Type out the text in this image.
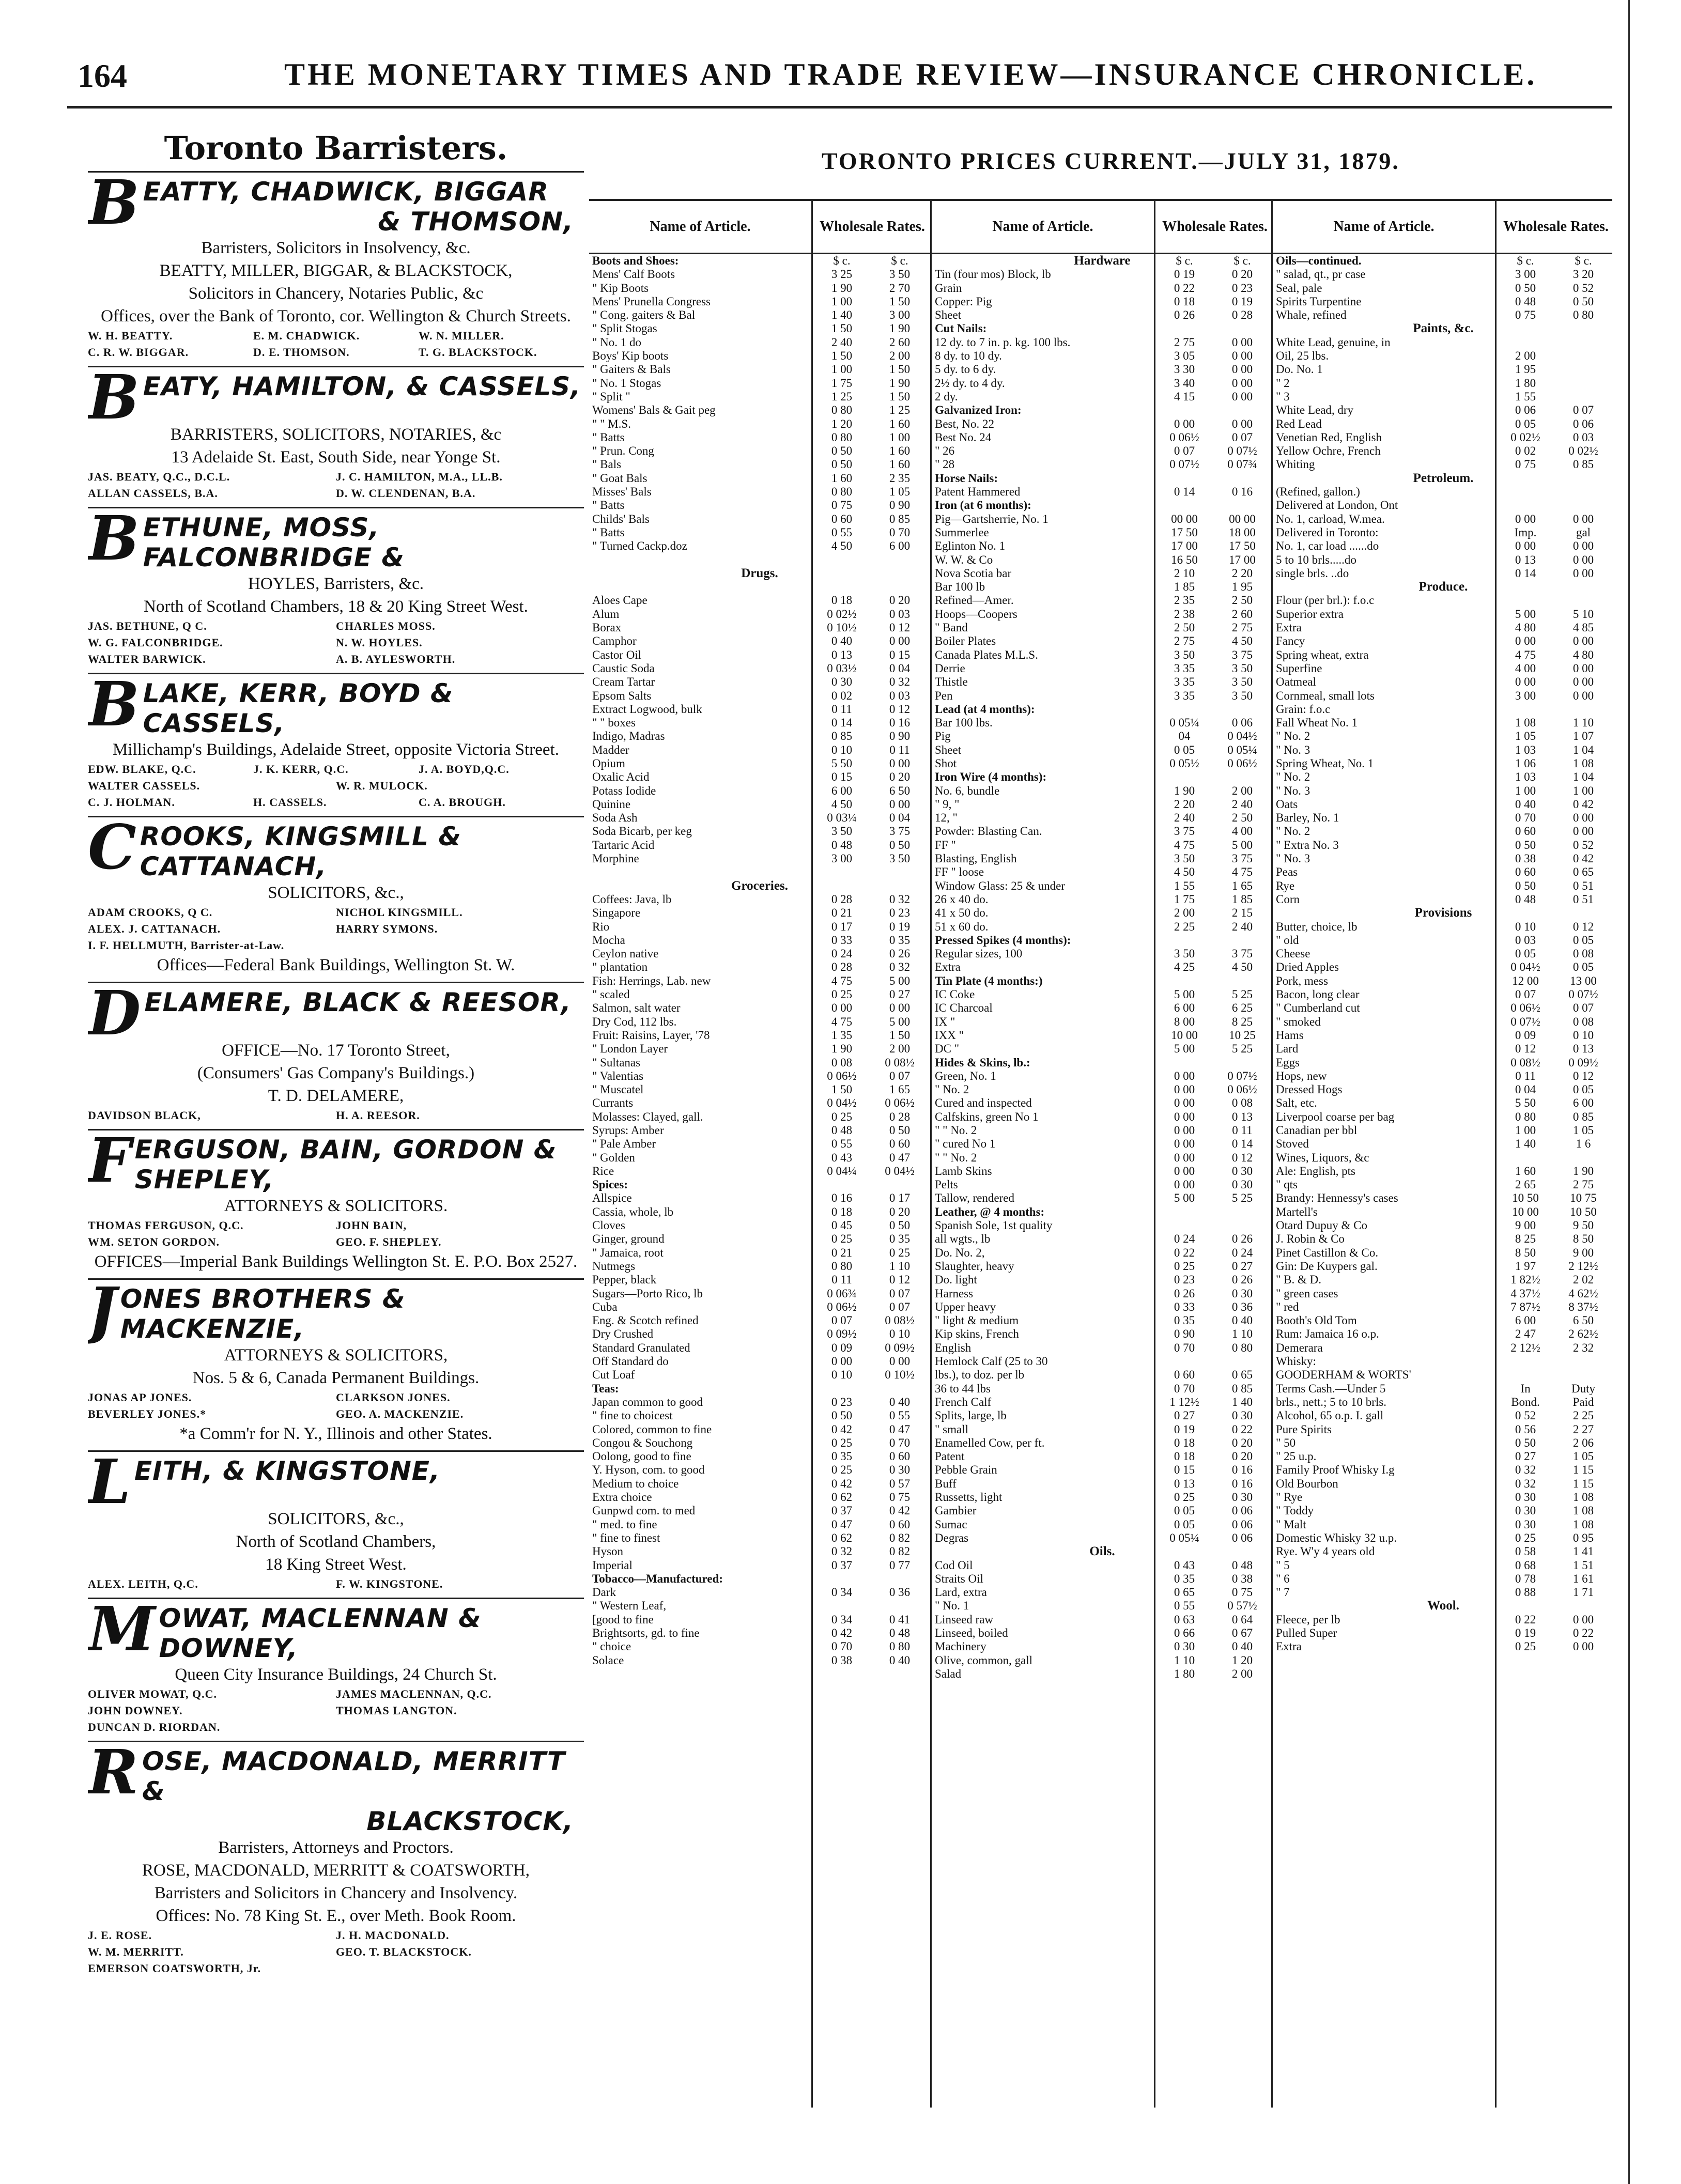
164	THE MONETARY TIMES AND TRADE REVIEW—INSURANCE CHRONICLE.
Toronto Barristers.
BEATTY, CHADWICK, BIGGAR
& THOMSON,
Barristers, Solicitors in Insolvency, &c.
BEATTY, MILLER, BIGGAR, & BLACKSTOCK,
Solicitors in Chancery, Notaries Public, &c
Offices, over the Bank of Toronto, cor. Wellington & Church Streets.
W. H. BEATTY.	E. M. CHADWICK.	W. N. MILLER.
C. R. W. BIGGAR.	D. E. THOMSON.	T. G. BLACKSTOCK.
BEATY, HAMILTON, & CASSELS,
BARRISTERS, SOLICITORS, NOTARIES, &c
13 Adelaide St. East, South Side, near Yonge St.
JAS. BEATY, Q.C., D.C.L.	J. C. HAMILTON, M.A., LL.B.
ALLAN CASSELS, B.A.	D. W. CLENDENAN, B.A.
BETHUNE, MOSS, FALCONBRIDGE &
HOYLES, Barristers, &c.
North of Scotland Chambers, 18 & 20 King Street West.
JAS. BETHUNE, Q C.	CHARLES MOSS.
W. G. FALCONBRIDGE.	N. W. HOYLES.
WALTER BARWICK.	A. B. AYLESWORTH.
BLAKE, KERR, BOYD & CASSELS,
Millichamp's Buildings, Adelaide Street, opposite Victoria Street.
EDW. BLAKE, Q.C.	J. K. KERR, Q.C.	J. A. BOYD,Q.C.
WALTER CASSELS.	W. R. MULOCK.
C. J. HOLMAN.	H. CASSELS.	C. A. BROUGH.
CROOKS, KINGSMILL & CATTANACH,
SOLICITORS, &c.,
ADAM CROOKS, Q C.	NICHOL KINGSMILL.
ALEX. J. CATTANACH.	HARRY SYMONS.
I. F. HELLMUTH, Barrister-at-Law.
Offices—Federal Bank Buildings, Wellington St. W.
DELAMERE, BLACK & REESOR,
OFFICE—No. 17 Toronto Street,
(Consumers' Gas Company's Buildings.)
T. D. DELAMERE,
DAVIDSON BLACK,	H. A. REESOR.
FERGUSON, BAIN, GORDON & SHEPLEY,
ATTORNEYS & SOLICITORS.
THOMAS FERGUSON, Q.C.	JOHN BAIN,
WM. SETON GORDON.	GEO. F. SHEPLEY.
OFFICES—Imperial Bank Buildings Wellington St. E. P.O. Box 2527.
JONES BROTHERS & MACKENZIE,
ATTORNEYS & SOLICITORS,
Nos. 5 & 6, Canada Permanent Buildings.
JONAS AP JONES.	CLARKSON JONES.
BEVERLEY JONES.*	GEO. A. MACKENZIE.
*a Comm'r for N. Y., Illinois and other States.
LEITH, & KINGSTONE,
SOLICITORS, &c.,
North of Scotland Chambers,
18 King Street West.
ALEX. LEITH, Q.C.	F. W. KINGSTONE.
MOWAT, MACLENNAN & DOWNEY,
Queen City Insurance Buildings, 24 Church St.
OLIVER MOWAT, Q.C.	JAMES MACLENNAN, Q.C.
JOHN DOWNEY.	THOMAS LANGTON.
DUNCAN D. RIORDAN.
ROSE, MACDONALD, MERRITT &
BLACKSTOCK,
Barristers, Attorneys and Proctors.
ROSE, MACDONALD, MERRITT & COATSWORTH,
Barristers and Solicitors in Chancery and Insolvency.
Offices: No. 78 King St. E., over Meth. Book Room.
J. E. ROSE.	J. H. MACDONALD.
W. M. MERRITT.	GEO. T. BLACKSTOCK.
EMERSON COATSWORTH, Jr.
TORONTO PRICES CURRENT.—JULY 31, 1879.
Name of Article.	Wholesale Rates.
Boots and Shoes:	$ c.	$ c.
Mens' Calf Boots	3 25	3 50
" Kip Boots	1 90	2 70
Mens' Prunella Congress	1 00	1 50
" Cong. gaiters & Bal	1 40	3 00
" Split Stogas	1 50	1 90
" No. 1 do	2 40	2 60
Boys' Kip boots	1 50	2 00
" Gaiters & Bals	1 00	1 50
" No. 1 Stogas	1 75	1 90
" Split "	1 25	1 50
Womens' Bals & Gait peg	0 80	1 25
" " M.S.	1 20	1 60
" Batts	0 80	1 00
" Prun. Cong	0 50	1 60
" Bals	0 50	1 60
" Goat Bals	1 60	2 35
Misses' Bals	0 80	1 05
" Batts	0 75	0 90
Childs' Bals	0 60	0 85
" Batts	0 55	0 70
" Turned Cackp.doz	4 50	6 00
Drugs.
Aloes Cape	0 18	0 20
Alum	0 02½	0 03
Borax	0 10½	0 12
Camphor	0 40	0 00
Castor Oil	0 13	0 15
Caustic Soda	0 03½	0 04
Cream Tartar	0 30	0 32
Epsom Salts	0 02	0 03
Extract Logwood, bulk	0 11	0 12
" " boxes	0 14	0 16
Indigo, Madras	0 85	0 90
Madder	0 10	0 11
Opium	5 50	0 00
Oxalic Acid	0 15	0 20
Potass Iodide	6 00	6 50
Quinine	4 50	0 00
Soda Ash	0 03¼	0 04
Soda Bicarb, per keg	3 50	3 75
Tartaric Acid	0 48	0 50
Morphine	3 00	3 50
Groceries.
Coffees: Java, lb	0 28	0 32
Singapore	0 21	0 23
Rio	0 17	0 19
Mocha	0 33	0 35
Ceylon native	0 24	0 26
" plantation	0 28	0 32
Fish: Herrings, Lab. new	4 75	5 00
" scaled	0 25	0 27
Salmon, salt water	0 00	0 00
Dry Cod, 112 lbs.	4 75	5 00
Fruit: Raisins, Layer, '78	1 35	1 50
" London Layer	1 90	2 00
" Sultanas	0 08	0 08½
" Valentias	0 06½	0 07
" Muscatel	1 50	1 65
Currants	0 04½	0 06½
Molasses: Clayed, gall.	0 25	0 28
Syrups: Amber	0 48	0 50
" Pale Amber	0 55	0 60
" Golden	0 43	0 47
Rice	0 04¼	0 04½
Spices:
Allspice	0 16	0 17
Cassia, whole, lb	0 18	0 20
Cloves	0 45	0 50
Ginger, ground	0 25	0 35
" Jamaica, root	0 21	0 25
Nutmegs	0 80	1 10
Pepper, black	0 11	0 12
Sugars—Porto Rico, lb	0 06¾	0 07
Cuba	0 06½	0 07
Eng. & Scotch refined	0 07	0 08½
Dry Crushed	0 09½	0 10
Standard Granulated	0 09	0 09½
Off Standard do	0 00	0 00
Cut Loaf	0 10	0 10½
Teas:
Japan common to good	0 23	0 40
" fine to choicest	0 50	0 55
Colored, common to fine	0 42	0 47
Congou & Souchong	0 25	0 70
Oolong, good to fine	0 35	0 60
Y. Hyson, com. to good	0 25	0 30
Medium to choice	0 42	0 57
Extra choice	0 62	0 75
Gunpwd com. to med	0 37	0 42
" med. to fine	0 47	0 60
" fine to finest	0 62	0 82
Hyson	0 32	0 82
Imperial	0 37	0 77
Tobacco—Manufactured:
Dark	0 34	0 36
" Western Leaf,
[good to fine	0 34	0 41
Brightsorts, gd. to fine	0 42	0 48
" choice	0 70	0 80
Solace	0 38	0 40
Name of Article.	Wholesale Rates.
Hardware	$ c.	$ c.
Tin (four mos) Block, lb	0 19	0 20
Grain	0 22	0 23
Copper: Pig	0 18	0 19
Sheet	0 26	0 28
Cut Nails:
12 dy. to 7 in. p. kg. 100 lbs.	2 75	0 00
8 dy. to 10 dy.	3 05	0 00
5 dy. to 6 dy.	3 30	0 00
2½ dy. to 4 dy.	3 40	0 00
2 dy.	4 15	0 00
Galvanized Iron:
Best, No. 22	0 00	0 00
Best No. 24	0 06½	0 07
" 26	0 07	0 07½
" 28	0 07½	0 07¾
Horse Nails:
Patent Hammered	0 14	0 16
Iron (at 6 months):
Pig—Gartsherrie, No. 1	00 00	00 00
Summerlee	17 50	18 00
Eglinton No. 1	17 00	17 50
W. W. & Co	16 50	17 00
Nova Scotia bar	2 10	2 20
Bar 100 lb	1 85	1 95
Refined—Amer.	2 35	2 50
Hoops—Coopers	2 38	2 60
" Band	2 50	2 75
Boiler Plates	2 75	4 50
Canada Plates M.L.S.	3 50	3 75
Derrie	3 35	3 50
Thistle	3 35	3 50
Pen	3 35	3 50
Lead (at 4 months):
Bar 100 lbs.	0 05¼	0 06
Pig	04	0 04½
Sheet	0 05	0 05¼
Shot	0 05½	0 06½
Iron Wire (4 months):
No. 6, bundle	1 90	2 00
" 9, "	2 20	2 40
12, "	2 40	2 50
Powder: Blasting Can.	3 75	4 00
FF "	4 75	5 00
Blasting, English	3 50	3 75
FF " loose	4 50	4 75
Window Glass: 25 & under	1 55	1 65
26 x 40 do.	1 75	1 85
41 x 50 do.	2 00	2 15
51 x 60 do.	2 25	2 40
Pressed Spikes (4 months):
Regular sizes, 100	3 50	3 75
Extra	4 25	4 50
Tin Plate (4 months:)
IC Coke	5 00	5 25
IC Charcoal	6 00	6 25
IX "	8 00	8 25
IXX "	10 00	10 25
DC "	5 00	5 25
Hides & Skins, lb.:
Green, No. 1	0 00	0 07½
" No. 2	0 00	0 06½
Cured and inspected	0 00	0 08
Calfskins, green No 1	0 00	0 13
" " No. 2	0 00	0 11
" cured No 1	0 00	0 14
" " No. 2	0 00	0 12
Lamb Skins	0 00	0 30
Pelts	0 00	0 30
Tallow, rendered	5 00	5 25
Leather, @ 4 months:
Spanish Sole, 1st quality
all wgts., lb	0 24	0 26
Do. No. 2,	0 22	0 24
Slaughter, heavy	0 25	0 27
Do. light	0 23	0 26
Harness	0 26	0 30
Upper heavy	0 33	0 36
" light & medium	0 35	0 40
Kip skins, French	0 90	1 10
English	0 70	0 80
Hemlock Calf (25 to 30
lbs.), to doz. per lb	0 60	0 65
36 to 44 lbs	0 70	0 85
French Calf	1 12½	1 40
Splits, large, lb	0 27	0 30
" small	0 19	0 22
Enamelled Cow, per ft.	0 18	0 20
Patent	0 18	0 20
Pebble Grain	0 15	0 16
Buff	0 13	0 16
Russetts, light	0 25	0 30
Gambier	0 05	0 06
Sumac	0 05	0 06
Degras	0 05¼	0 06
Oils.
Cod Oil	0 43	0 48
Straits Oil	0 35	0 38
Lard, extra	0 65	0 75
" No. 1	0 55	0 57½
Linseed raw	0 63	0 64
Linseed, boiled	0 66	0 67
Machinery	0 30	0 40
Olive, common, gall	1 10	1 20
Salad	1 80	2 00
Name of Article.	Wholesale Rates.
Oils—continued.	$ c.	$ c.
" salad, qt., pr case	3 00	3 20
Seal, pale	0 50	0 52
Spirits Turpentine	0 48	0 50
Whale, refined	0 75	0 80
Paints, &c.
White Lead, genuine, in
Oil, 25 lbs.	2 00
Do. No. 1	1 95
" 2	1 80
" 3	1 55
White Lead, dry	0 06	0 07
Red Lead	0 05	0 06
Venetian Red, English	0 02½	0 03
Yellow Ochre, French	0 02	0 02½
Whiting	0 75	0 85
Petroleum.
(Refined, gallon.)
Delivered at London, Ont
No. 1, carload, W.mea.	0 00	0 00
Delivered in Toronto:	Imp.	gal
No. 1, car load ......do	0 00	0 00
5 to 10 brls.....do	0 13	0 00
single brls. ..do	0 14	0 00
Produce.
Flour (per brl.): f.o.c
Superior extra	5 00	5 10
Extra	4 80	4 85
Fancy	0 00	0 00
Spring wheat, extra	4 75	4 80
Superfine	4 00	0 00
Oatmeal	0 00	0 00
Cornmeal, small lots	3 00	0 00
Grain: f.o.c
Fall Wheat No. 1	1 08	1 10
" No. 2	1 05	1 07
" No. 3	1 03	1 04
Spring Wheat, No. 1	1 06	1 08
" No. 2	1 03	1 04
" No. 3	1 00	1 00
Oats	0 40	0 42
Barley, No. 1	0 70	0 00
" No. 2	0 60	0 00
" Extra No. 3	0 50	0 52
" No. 3	0 38	0 42
Peas	0 60	0 65
Rye	0 50	0 51
Corn	0 48	0 51
Provisions
Butter, choice, lb	0 10	0 12
" old	0 03	0 05
Cheese	0 05	0 08
Dried Apples	0 04½	0 05
Pork, mess	12 00	13 00
Bacon, long clear	0 07	0 07½
" Cumberland cut	0 06½	0 07
" smoked	0 07½	0 08
Hams	0 09	0 10
Lard	0 12	0 13
Eggs	0 08½	0 09½
Hops, new	0 11	0 12
Dressed Hogs	0 04	0 05
Salt, etc.	5 50	6 00
Liverpool coarse per bag	0 80	0 85
Canadian per bbl	1 00	1 05
Stoved	1 40	1 6
Wines, Liquors, &c
Ale: English, pts	1 60	1 90
" qts	2 65	2 75
Brandy: Hennessy's cases	10 50	10 75
Martell's	10 00	10 50
Otard Dupuy & Co	9 00	9 50
J. Robin & Co	8 25	8 50
Pinet Castillon & Co.	8 50	9 00
Gin: De Kuypers gal.	1 97	2 12½
" B. & D.	1 82½	2 02
" green cases	4 37½	4 62½
" red	7 87½	8 37½
Booth's Old Tom	6 00	6 50
Rum: Jamaica 16 o.p.	2 47	2 62½
Demerara	2 12½	2 32
Whisky:
GOODERHAM & WORTS'
Terms Cash.—Under 5	In	Duty
brls., nett.; 5 to 10 brls.	Bond.	Paid
Alcohol, 65 o.p. I. gall	0 52	2 25
Pure Spirits	0 56	2 27
" 50	0 50	2 06
" 25 u.p.	0 27	1 05
Family Proof Whisky I.g	0 32	1 15
Old Bourbon	0 32	1 15
" Rye	0 30	1 08
" Toddy	0 30	1 08
" Malt	0 30	1 08
Domestic Whisky 32 u.p.	0 25	0 95
Rye. W'y 4 years old	0 58	1 41
" 5	0 68	1 51
" 6	0 78	1 61
" 7	0 88	1 71
Wool.
Fleece, per lb	0 22	0 00
Pulled Super	0 19	0 22
Extra	0 25	0 00
